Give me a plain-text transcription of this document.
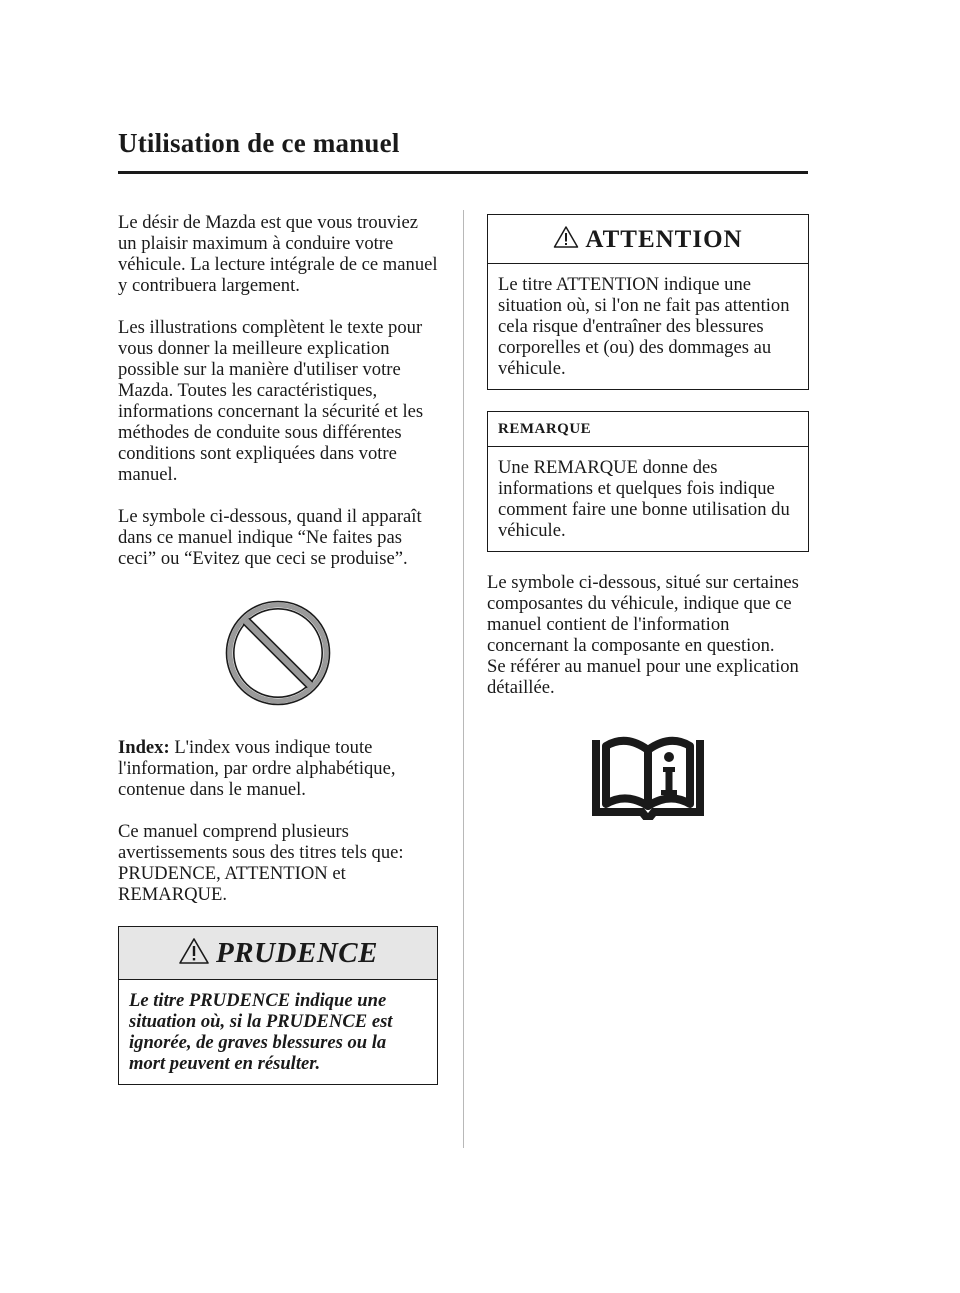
Utilisation de ce manuel

Le désir de Mazda est que vous trouviez un plaisir maximum à conduire votre véhicule. La lecture intégrale de ce manuel y contribuera largement.

Les illustrations complètent le texte pour vous donner la meilleure explication possible sur la manière d'utiliser votre Mazda. Toutes les caractéristiques, informations concernant la sécurité et les méthodes de conduite sous différentes conditions sont expliquées dans votre manuel.

Le symbole ci-dessous, quand il apparaît dans ce manuel indique “Ne faites pas ceci” ou “Evitez que ceci se produise”.

Index: L'index vous indique toute l'information, par ordre alphabétique, contenue dans le manuel.

Ce manuel comprend plusieurs avertissements sous des titres tels que: PRUDENCE, ATTENTION et REMARQUE.

PRUDENCE
Le titre PRUDENCE indique une situation où, si la PRUDENCE est ignorée, de graves blessures ou la mort peuvent en résulter.
ATTENTION
Le titre ATTENTION indique une situation où, si l'on ne fait pas attention cela risque d'entraîner des blessures corporelles et (ou) des dommages au véhicule.
REMARQUE
Une REMARQUE donne des informations et quelques fois indique comment faire une bonne utilisation du véhicule.

Le symbole ci-dessous, situé sur certaines composantes du véhicule, indique que ce manuel contient de l'information concernant la composante en question.

Se référer au manuel pour une explication détaillée.
